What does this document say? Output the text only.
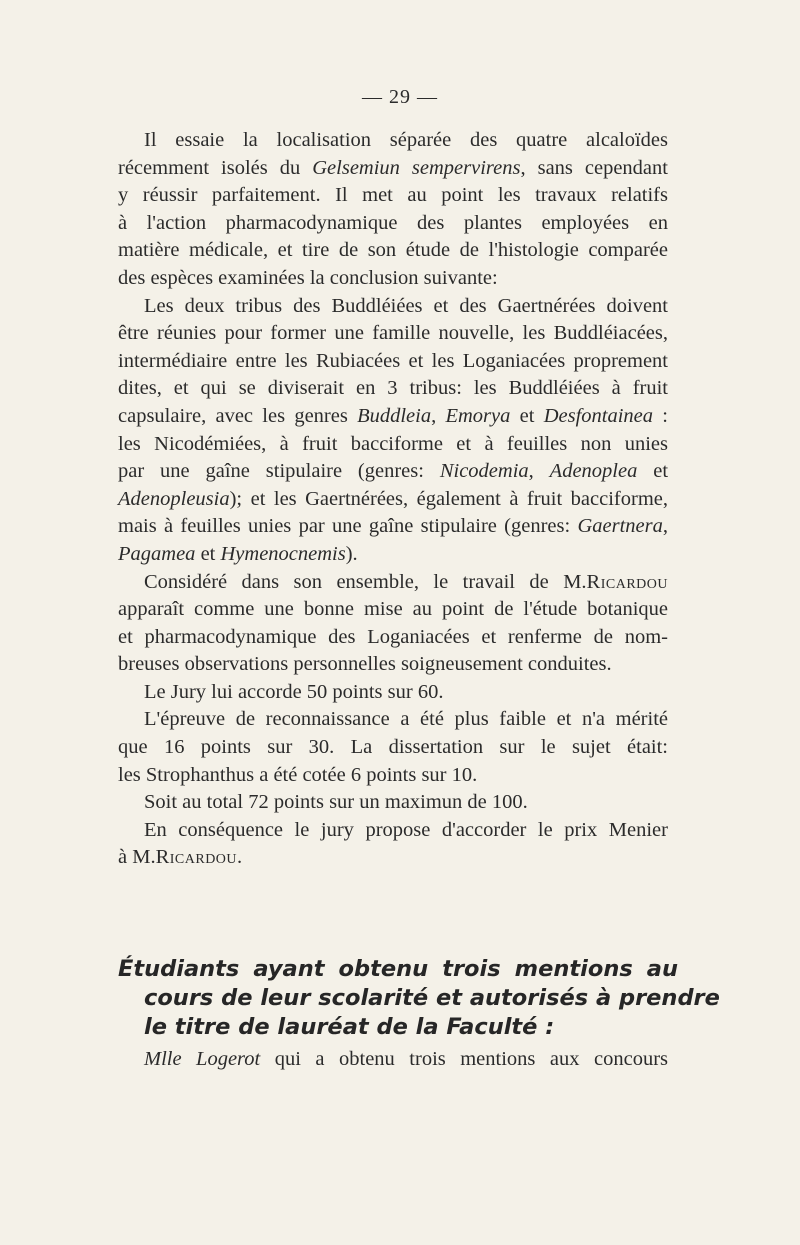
— 29 —
Il essaie la localisation séparée des quatre alcaloïdes
récemment isolés du Gelsemiun sempervirens, sans cependant
y réussir parfaitement. Il met au point les travaux relatifs
à l'action pharmacodynamique des plantes employées en
matière médicale, et tire de son étude de l'histologie comparée
des espèces examinées la conclusion suivante:
Les deux tribus des Buddléiées et des Gaertnérées doivent
être réunies pour former une famille nouvelle, les Buddléiacées,
intermédiaire entre les Rubiacées et les Loganiacées proprement
dites, et qui se diviserait en 3 tribus: les Buddléiées à fruit
capsulaire, avec les genres Buddleia, Emorya et Desfontainea :
les Nicodémiées, à fruit bacciforme et à feuilles non unies
par une gaîne stipulaire (genres: Nicodemia, Adenoplea et
Adenopleusia); et les Gaertnérées, également à fruit bacciforme,
mais à feuilles unies par une gaîne stipulaire (genres: Gaertnera,
Pagamea et Hymenocnemis).
Considéré dans son ensemble, le travail de M.Ricardou
apparaît comme une bonne mise au point de l'étude botanique
et pharmacodynamique des Loganiacées et renferme de nom-
breuses observations personnelles soigneusement conduites.
Le Jury lui accorde 50 points sur 60.
L'épreuve de reconnaissance a été plus faible et n'a mérité
que 16 points sur 30. La dissertation sur le sujet était:
les Strophanthus a été cotée 6 points sur 10.
Soit au total 72 points sur un maximun de 100.
En conséquence le jury propose d'accorder le prix Menier
à M.Ricardou.
Étudiants ayant obtenu trois mentions au
cours de leur scolarité et autorisés à prendre
le titre de lauréat de la Faculté :
Mlle Logerot qui a obtenu trois mentions aux concours
